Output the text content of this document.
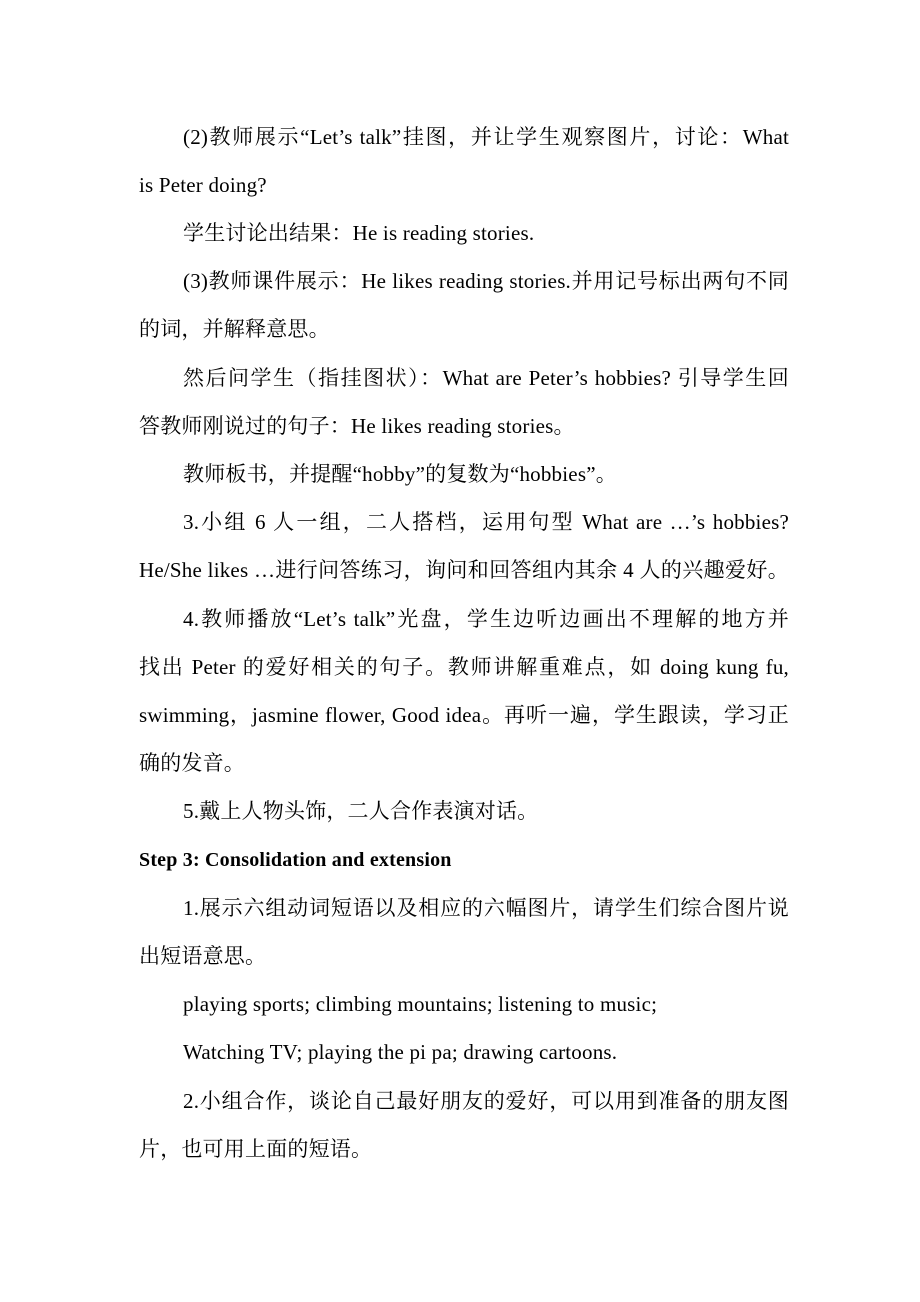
(2)教师展示“Let’s talk”挂图，并让学生观察图片，讨论：What
is Peter doing?
学生讨论出结果：He is reading stories.
(3)教师课件展示：He likes reading stories.并用记号标出两句不同
的词，并解释意思。
然后问学生（指挂图状）：What are Peter’s hobbies? 引导学生回
答教师刚说过的句子：He likes reading stories。
教师板书，并提醒“hobby”的复数为“hobbies”。
3.小组 6 人一组，二人搭档，运用句型 What are …’s hobbies?
He/She likes …进行问答练习，询问和回答组内其余 4 人的兴趣爱好。
4.教师播放“Let’s talk”光盘，学生边听边画出不理解的地方并
找出 Peter 的爱好相关的句子。教师讲解重难点，如 doing kung fu,
swimming，jasmine flower, Good idea。再听一遍，学生跟读，学习正
确的发音。
5.戴上人物头饰，二人合作表演对话。
Step 3: Consolidation and extension
1.展示六组动词短语以及相应的六幅图片，请学生们综合图片说
出短语意思。
playing sports; climbing mountains; listening to music;
Watching TV; playing the pi pa; drawing cartoons.
2.小组合作，谈论自己最好朋友的爱好，可以用到准备的朋友图
片，也可用上面的短语。
